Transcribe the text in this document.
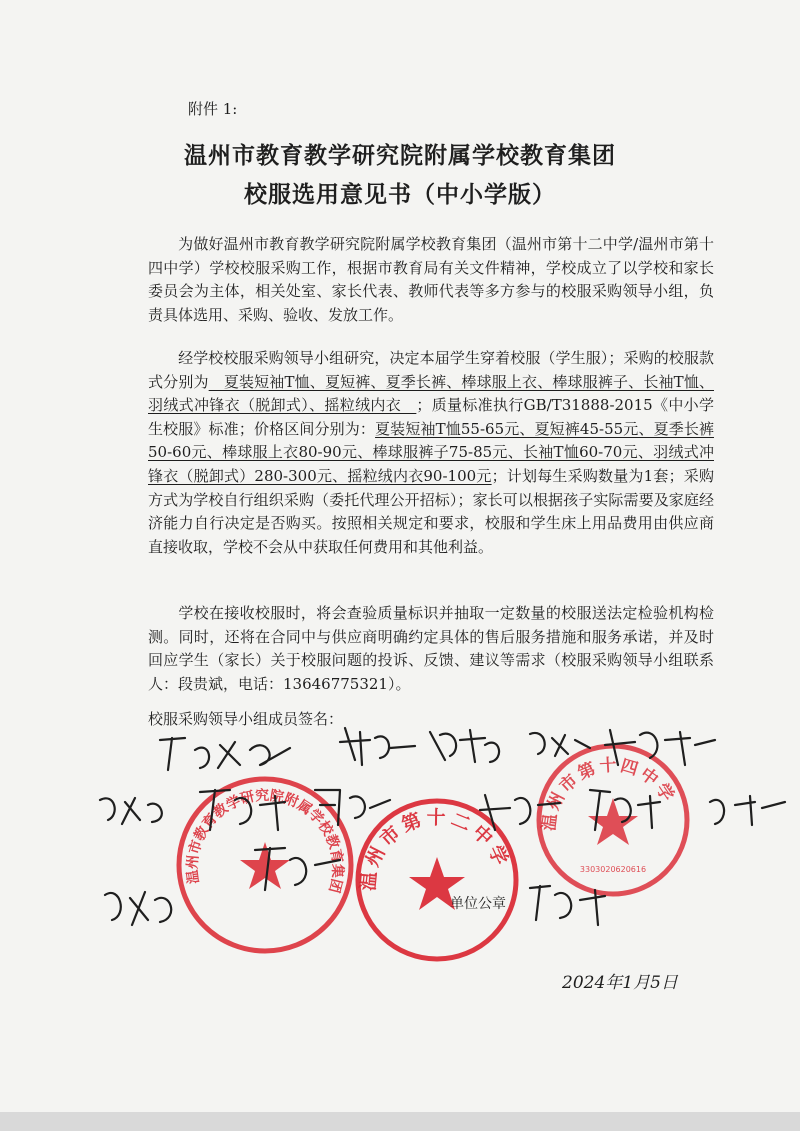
附件 1:
温州市教育教学研究院附属学校教育集团
校服选用意见书（中小学版）
为做好温州市教育教学研究院附属学校教育集团（温州市第十二中学/温州市第十四中学）学校校服采购工作，根据市教育局有关文件精神，学校成立了以学校和家长委员会为主体，相关处室、家长代表、教师代表等多方参与的校服采购领导小组，负责具体选用、采购、验收、发放工作。
经学校校服采购领导小组研究，决定本届学生穿着校服（学生服）；采购的校服款式分别为　夏装短袖T恤、夏短裤、夏季长裤、棒球服上衣、棒球服裤子、长袖T恤、羽绒式冲锋衣（脱卸式）、摇粒绒内衣　；质量标准执行GB/T31888-2015《中小学生校服》标准；价格区间分别为：夏装短袖T恤55-65元、夏短裤45-55元、夏季长裤50-60元、棒球服上衣80-90元、棒球服裤子75-85元、长袖T恤60-70元、羽绒式冲锋衣（脱卸式）280-300元、摇粒绒内衣90-100元；计划每生采购数量为1套；采购方式为学校自行组织采购（委托代理公开招标）；家长可以根据孩子实际需要及家庭经济能力自行决定是否购买。按照相关规定和要求，校服和学生床上用品费用由供应商直接收取，学校不会从中获取任何费用和其他利益。
学校在接收校服时，将会查验质量标识并抽取一定数量的校服送法定检验机构检测。同时，还将在合同中与供应商明确约定具体的售后服务措施和服务承诺，并及时回应学生（家长）关于校服问题的投诉、反馈、建议等需求（校服采购领导小组联系人：段贵斌，电话：13646775321）。
校服采购领导小组成员签名：
温州市教育教学研究院附属学校教育集团 温州市第十二中学
温州市第十四中学
3303020620616
单位公章
2024年1月5日
